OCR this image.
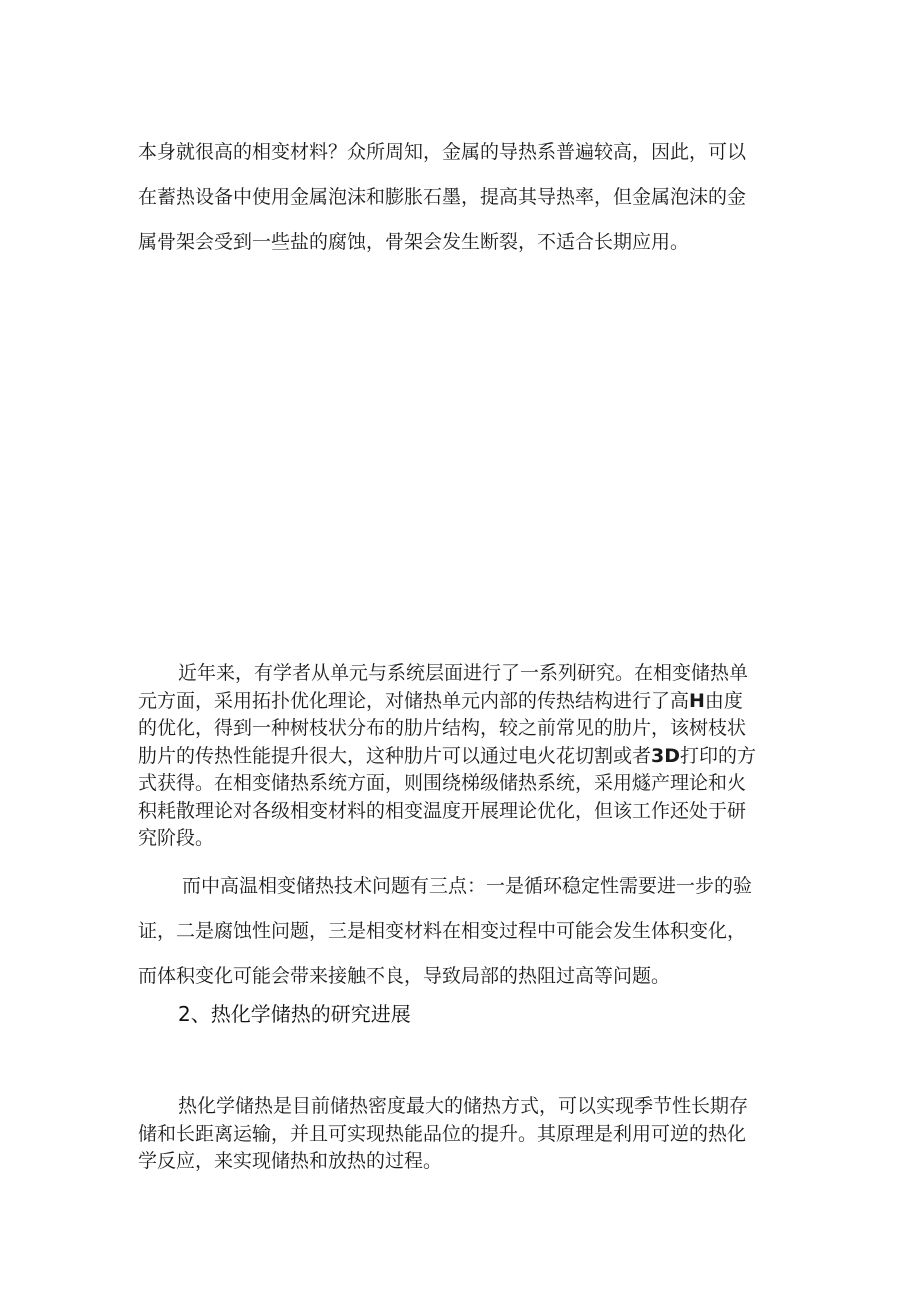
本身就很高的相变材料？众所周知，金属的导热系普遍较高，因此，可以
在蓄热设备中使用金属泡沫和膨胀石墨，提高其导热率，但金属泡沫的金
属骨架会受到一些盐的腐蚀，骨架会发生断裂，不适合长期应用。
近年来，有学者从单元与系统层面进行了一系列研究。在相变储热单
元方面，采用拓扑优化理论，对储热单元内部的传热结构进行了高H由度
的优化，得到一种树枝状分布的肋片结构，较之前常见的肋片，该树枝状
肋片的传热性能提升很大，这种肋片可以通过电火花切割或者3D打印的方
式获得。在相变储热系统方面，则围绕梯级储热系统，采用燧产理论和火
积耗散理论对各级相变材料的相变温度开展理论优化，但该工作还处于研
究阶段。
而中高温相变储热技术问题有三点：一是循环稳定性需要进一步的验
证，二是腐蚀性问题，三是相变材料在相变过程中可能会发生体积变化，
而体积变化可能会带来接触不良，导致局部的热阻过高等问题。
2、热化学储热的研究进展
热化学储热是目前储热密度最大的储热方式，可以实现季节性长期存
储和长距离运输，并且可实现热能品位的提升。其原理是利用可逆的热化
学反应，来实现储热和放热的过程。
